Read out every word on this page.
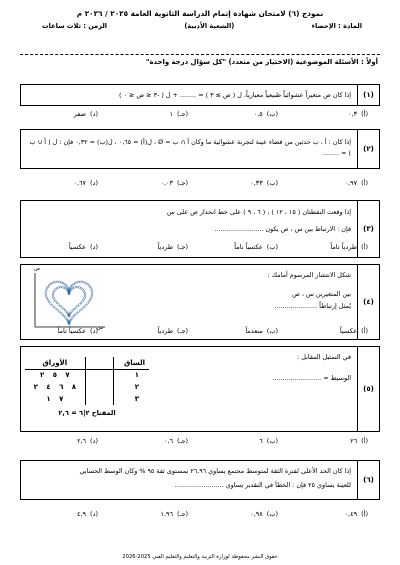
نموذج (٦) لامتحان شهادة إتمام الدراسة الثانوية العامة ٢٠٢٥ / ٢٠٢٦ م
المادة : الإحصاء
(الشعبة الأدبية)
الزمن : ثلاث ساعات
أولاً : الأسئلة الموضوعية (الاختيار من متعدد) "كل سؤال درجة واحدة"
(١)
إذا كان ص متغيراً عشوائياً طبيعياً معيارياً، ل ( ص ≥ ٣ ) = ........ + ل ( -٣ ≤ ص ≤ ٠ )
(أ)
٠,٣
(ب)
٠,٥
(جـ)
١
(د)
صفر
(٢)
إذا كان : أ ، ب حدثين من فضاء عينة لتجربة عشوائية ما وكان أ ∩ ب = Ø ، ل(أ) = ٠,٦٥ ، ل(ب) = ٠,٣٢ فإن : ل ( أ ∪ ب ) = ........
(أ)
٠,٩٧
(ب)
٠,٣٣
(جـ)
٠,٠٣
(د)
٠,٦٧
(٣)
إذا وقعت النقطتان ( ١٥ ، ١٢ ) ، ( ٦ ، ٩ ) على خط انحدار ص على س
فإن : الارتباط بين س ، ص يكون ........................
(أ)
طردياً تاماً
(ب)
عكسياً تاماً
(جـ)
طردياً
(د)
عكسياً
(٤)
شكل الانتشار المرسوم أمامك :
بين المتغيرين س ، ص
يُمثل إرتباطاً .....................
ص
س	(أ)
عكسياً
(ب)
منعدماً
(جـ)
طردياً
(د)
عكسياً تاماً
(٥)
في التمثيل المقابل :
الوسيط = ........................
الساق		الأوراق
١		٧ ٥ ٢
٢		٨ ٦ ٤ ٢
٣		٧ ١
المفتاح ٢|٦ = ٢,٦
(أ)
٢٦
(ب)
٦
(جـ)
٠,٦
(د)
٢,٦
(٦)
إذا كان الحد الأعلى لفترة الثقة لمتوسط مجتمع يساوي ٢٦,٩٦ بمستوى ثقة ٩٥ % وكان الوسط الحسابي
للعينة يساوي ٢٥ فإن : الخطأ في التقدير يساوي ........................
(أ)
٠,٤٩
(ب)
٠,٩٨
(جـ)
١,٩٦
(د)
٤,٩
حقوق النشر محفوظة لوزارة التربية والتعليم والتعليم الفني 2025-2026
